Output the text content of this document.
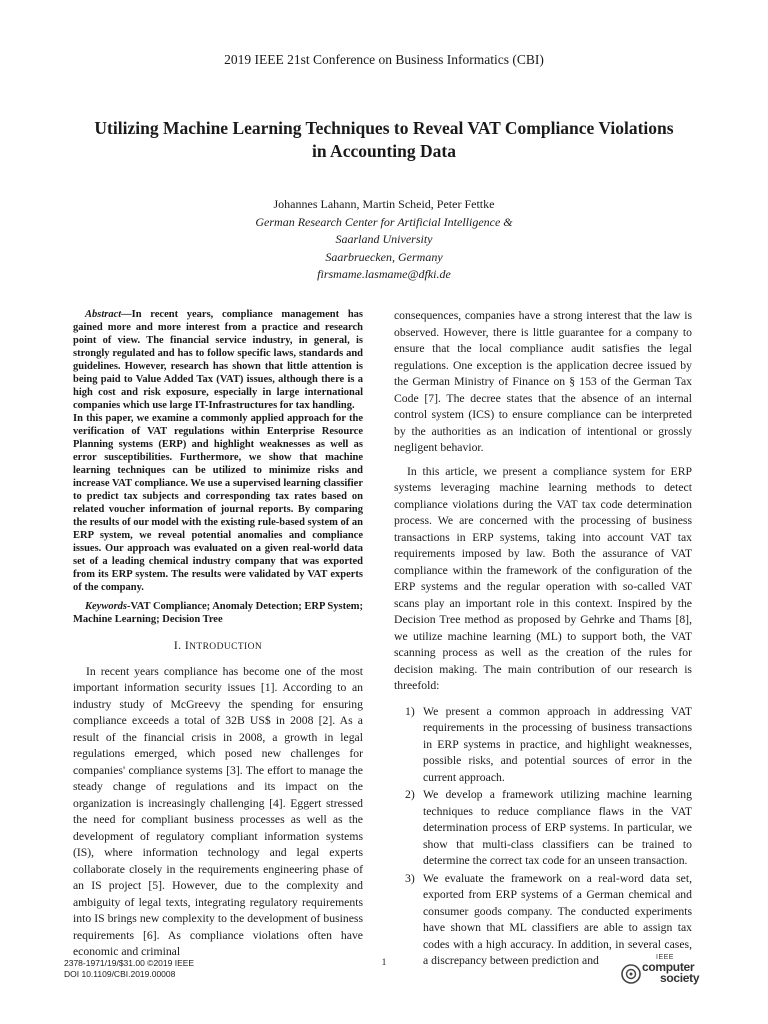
2019 IEEE 21st Conference on Business Informatics (CBI)
Utilizing Machine Learning Techniques to Reveal VAT Compliance Violations in Accounting Data
Johannes Lahann, Martin Scheid, Peter Fettke
German Research Center for Artificial Intelligence &
Saarland University
Saarbruecken, Germany
firsmame.lasmame@dfki.de

Abstract—In recent years, compliance management has gained more and more interest from a practice and research point of view. The financial service industry, in general, is strongly regulated and has to follow specific laws, standards and guidelines. However, research has shown that little attention is being paid to Value Added Tax (VAT) issues, although there is a high cost and risk exposure, especially in large international companies which use large IT-Infrastructures for tax handling.

In this paper, we examine a commonly applied approach for the verification of VAT regulations within Enterprise Resource Planning systems (ERP) and highlight weaknesses as well as error susceptibilities. Furthermore, we show that machine learning techniques can be utilized to minimize risks and increase VAT compliance. We use a supervised learning classifier to predict tax subjects and corresponding tax rates based on related voucher information of journal reports. By comparing the results of our model with the existing rule-based system of an ERP system, we reveal potential anomalies and compliance issues. Our approach was evaluated on a given real-world data set of a leading chemical industry company that was exported from its ERP system. The results were validated by VAT experts of the company.

Keywords-VAT Compliance; Anomaly Detection; ERP System; Machine Learning; Decision Tree
I. INTRODUCTION

In recent years compliance has become one of the most important information security issues [1]. According to an industry study of McGreevy the spending for ensuring compliance exceeds a total of 32B US$ in 2008 [2]. As a result of the financial crisis in 2008, a growth in legal regulations emerged, which posed new challenges for companies' compliance systems [3]. The effort to manage the steady change of regulations and its impact on the organization is increasingly challenging [4]. Eggert stressed the need for compliant business processes as well as the development of regulatory compliant information systems (IS), where information technology and legal experts collaborate closely in the requirements engineering phase of an IS project [5]. However, due to the complexity and ambiguity of legal texts, integrating regulatory requirements into IS brings new complexity to the development of business requirements [6]. As compliance violations often have economic and criminal

consequences, companies have a strong interest that the law is observed. However, there is little guarantee for a company to ensure that the local compliance audit satisfies the legal regulations. One exception is the application decree issued by the German Ministry of Finance on § 153 of the German Tax Code [7]. The decree states that the absence of an internal control system (ICS) to ensure compliance can be interpreted by the authorities as an indication of intentional or grossly negligent behavior.

In this article, we present a compliance system for ERP systems leveraging machine learning methods to detect compliance violations during the VAT tax code determination process. We are concerned with the processing of business transactions in ERP systems, taking into account VAT tax requirements imposed by law. Both the assurance of VAT compliance within the framework of the configuration of the ERP systems and the regular operation with so-called VAT scans play an important role in this context. Inspired by the Decision Tree method as proposed by Gehrke and Thams [8], we utilize machine learning (ML) to support both, the VAT scanning process as well as the creation of the rules for decision making. The main contribution of our research is threefold:

1) We present a common approach in addressing VAT requirements in the processing of business transactions in ERP systems in practice, and highlight weaknesses, possible risks, and potential sources of error in the current approach.
2) We develop a framework utilizing machine learning techniques to reduce compliance flaws in the VAT determination process of ERP systems. In particular, we show that multi-class classifiers can be trained to determine the correct tax code for an unseen transaction.
3) We evaluate the framework on a real-word data set, exported from ERP systems of a German chemical and consumer goods company. The conducted experiments have shown that ML classifiers are able to assign tax codes with a high accuracy. In addition, in several cases, a discrepancy between prediction and
2378-1971/19/$31.00 ©2019 IEEE
DOI 10.1109/CBI.2019.00008
1
IEEE
computer
society
